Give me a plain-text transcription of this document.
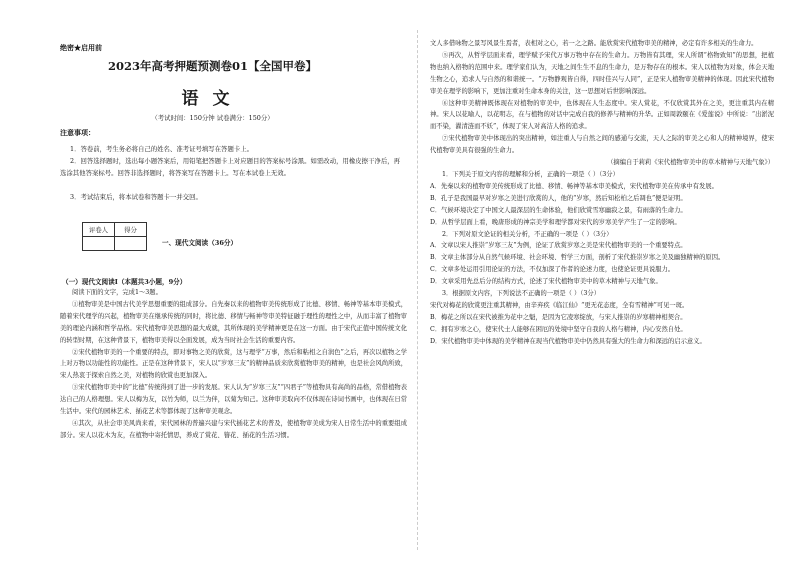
绝密★启用前
2023年高考押题预测卷01【全国甲卷】
语文
（考试时间：150分钟 试卷满分：150分）
注意事项：
1．答卷前，考生务必将自己的姓名、准考证号填写在答题卡上。
2．回答选择题时，选出每小题答案后，用铅笔把答题卡上对应题目的答案标号涂黑。如需改动，用橡皮擦干净后，再选涂其他答案标号。回答非选择题时，将答案写在答题卡上。写在本试卷上无效。
3．考试结束后，将本试卷和答题卡一并交回。
评卷人	得分

一、现代文阅读（36分）
（一）现代文阅读Ⅰ（本题共3小题，9分）
阅读下面的文字，完成1～3题。
①植物审美是中国古代美学思想重要的组成部分。自先秦以来的植物审美传统形成了比德、移情、畅神等基本审美模式，随着宋代理学的兴起，植物审美在继承传统的同时，将比德、移情与畅神等审美特征融于理性的理性之中，从而丰富了植物审美的理论内涵和哲学品格。宋代植物审美思想的最大成就，其所体现的美学精神更是在这一方面。由于宋代正值中国传统文化的转型时期，在这种背景下，植物审美得以全面发展，成为当时社会生活的重要内容。
②宋代植物审美的一个重要的特点，即对事物之美的欣赏，这与理学“万事，然后和粘相之自润色”之后，再次以植物之学上对万物以功能性的功能性。正是在这种背景下，宋人以“岁寒三友”的精神品质来欣赏植物审美的精神，也是社会风尚所致，宋人热衷于探索自然之美，对植物的欣赏也更加深入。
③宋代植物审美中的“比德”传统得到了进一步的发展。宋人认为“岁寒三友”“四君子”等植物具有高尚的品格，常借植物表达自己的人格理想。宋人以梅为友，以竹为师，以兰为伴，以菊为知己。这种审美取向不仅体现在诗词书画中，也体现在日常生活中。宋代的园林艺术、插花艺术等都体现了这种审美观念。
④其次，从社会审美风尚来看，宋代园林的普遍兴建与宋代插花艺术的普及，使植物审美成为宋人日常生活中的重要组成部分。宋人以花木为友，在植物中寄托情思，养成了赏花、簪花、插花的生活习惯。
文人多借咏物之景写风景生焉者，表相对之心，若一之之路。能欣赏宋代植物审美的精神，必定有许多相关的生命力。
⑤再次，从哲学层面来看，理学赋予宋代万事万物中存在的生命力。万物皆有其理，宋人所谓“格物致知”的思想，把植物也纳入格物的范围中来。理学家们认为，天地之间生生不息的生命力，是万物存在的根本。宋人以植物为对象，体会天地生物之心，追求人与自然的和谐统一。“万物静观皆自得，四时佳兴与人同”，正是宋人植物审美精神的体现。因此宋代植物审美在理学的影响下，更加注重对生命本身的关注，这一思想对后世影响深远。
⑥这种审美精神既体现在对植物的审美中，也体现在人生态度中。宋人赏花，不仅欣赏其外在之美，更注重其内在精神。宋人以花喻人，以花明志，在与植物的对话中完成自我的修养与精神的升华。正如周敦颐在《爱莲说》中所说：“出淤泥而不染，濯清涟而不妖”，体现了宋人对高洁人格的追求。
⑦宋代植物审美中体现出的突出精神，如注重人与自然之间的感通与交流，天人之际的审美之心和人的精神境界，使宋代植物审美具有很强的生命力。
（摘编自于莉莉《宋代植物审美中的草木精神与天地气象》）
1．下列关于原文内容的理解和分析，正确的一项是（ ）（3分）
A．先秦以来的植物审美传统形成了比德、移情、畅神等基本审美模式，宋代植物审美在传承中有发展。
B．孔子是我国最早对岁寒之美进行欣赏的人，他的“岁寒，然后知松柏之后凋也”便是证明。
C．气候环境决定了中国文人最深层的生命体验，他们欣赏雪寒幽寂之景，有雨落的生命力。
D．从哲学层面上看，晚唐形成的神宗美学和理学都对宋代的岁寒美学产生了一定的影响。
2．下列对原文论证的相关分析，不正确的一项是（ ）（3分）
A．文章以宋人推崇“岁寒三友”为例，论证了欣赏岁寒之美是宋代植物审美的一个重要特点。
B．文章主体部分从自然气候环境、社会环境、哲学三方面，剖析了宋代推崇岁寒之美及幽独精神的原因。
C．文章多处运用引用论证的方法，不仅加深了作者的论述力度，也使论证更具说服力。
D．文章采用先总后分的结构方式，论述了宋代植物审美中的草木精神与天地气象。
3．根据原文内容，下列说法不正确的一项是（ ）（3分）
宋代对梅花的欣赏更注重其精神，由辛弃疾《临江仙》“更无花态度，全有雪精神”可见一斑。
B．梅花之所以在宋代被推为花中之魁，是因为它凌寒绽放，与宋人推崇的岁寒精神相契合。
C．拥有岁寒之心，使宋代士人能够在困厄的处境中坚守自我的人格与精神，内心安然自处。
D．宋代植物审美中体现的美学精神在现当代植物审美中仍然具有强大的生命力和深远的启示意义。
